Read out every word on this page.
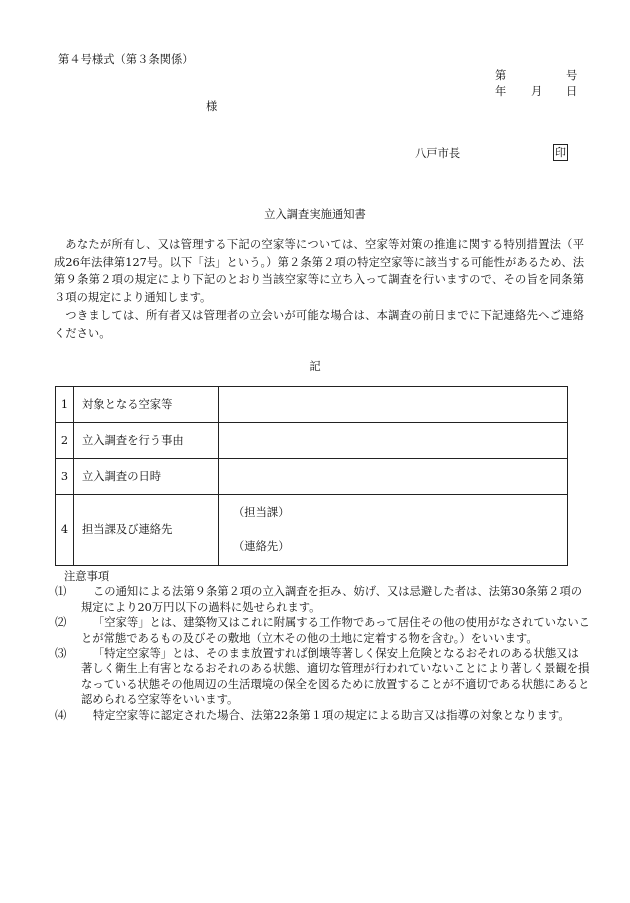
第４号様式（第３条関係）
第	号
年 月 日
様
八戸市長	印
立入調査実施通知書

あなたが所有し、又は管理する下記の空家等については、空家等対策の推進に関する特別措置法（平成26年法律第127号。以下「法」という。）第２条第２項の特定空家等に該当する可能性があるため、法第９条第２項の規定により下記のとおり当該空家等に立ち入って調査を行いますので、その旨を同条第３項の規定により通知します。

つきましては、所有者又は管理者の立会いが可能な場合は、本調査の前日までに下記連絡先へご連絡ください。

記
1	対象となる空家等	
2	立入調査を行う事由	
3	立入調査の日時	
4	担当課及び連絡先	（担当課）
（連絡先）
注意事項
⑴	この通知による法第９条第２項の立入調査を拒み、妨げ、又は忌避した者は、法第30条第２項の規定により20万円以下の過料に処せられます。
⑵	「空家等」とは、建築物又はこれに附属する工作物であって居住その他の使用がなされていないことが常態であるもの及びその敷地（立木その他の土地に定着する物を含む。）をいいます。
⑶	「特定空家等」とは、そのまま放置すれば倒壊等著しく保安上危険となるおそれのある状態又は著しく衛生上有害となるおそれのある状態、適切な管理が行われていないことにより著しく景観を損なっている状態その他周辺の生活環境の保全を図るために放置することが不適切である状態にあると認められる空家等をいいます。
⑷	特定空家等に認定された場合、法第22条第１項の規定による助言又は指導の対象となります。
